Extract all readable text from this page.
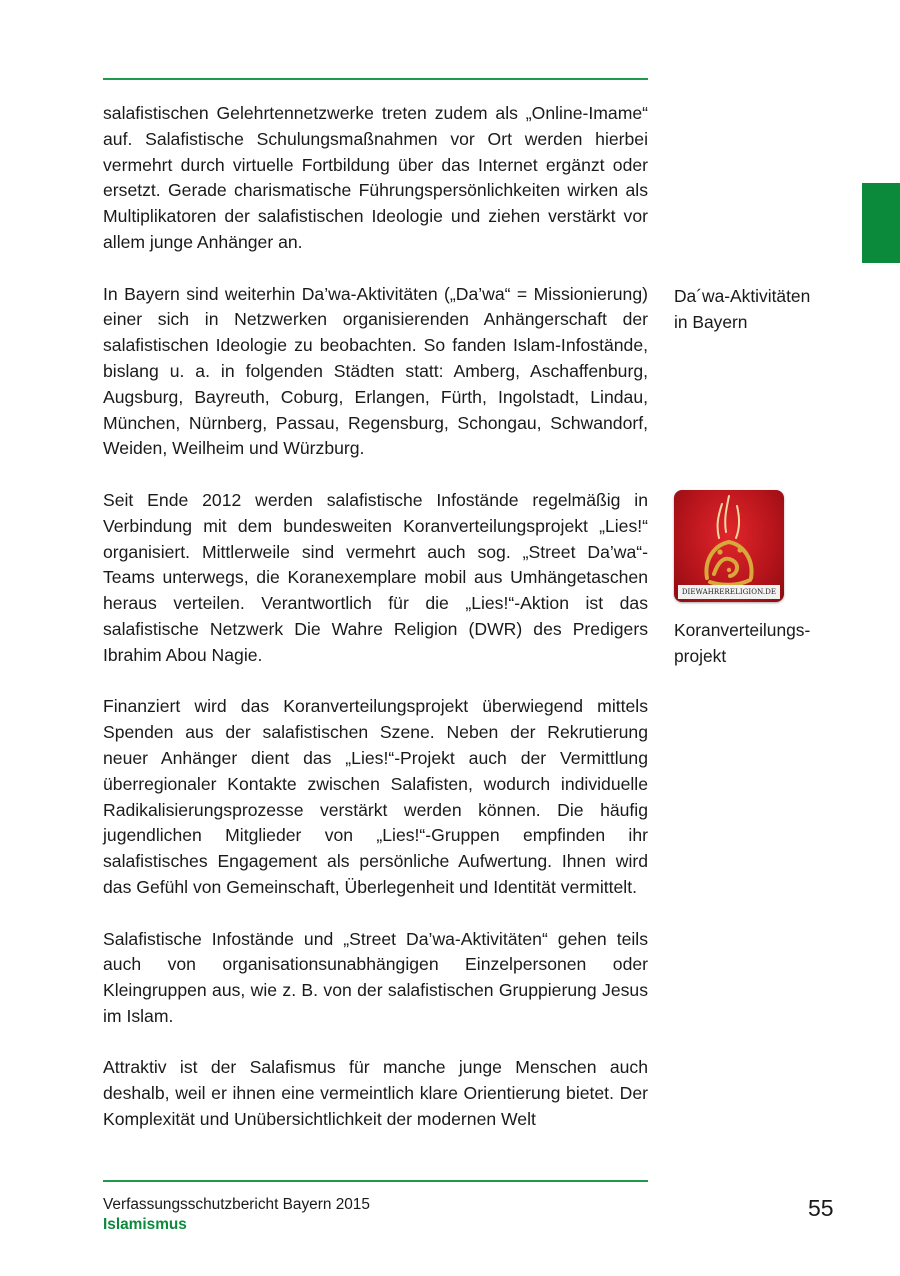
salafistischen Gelehrtennetzwerke treten zudem als „Online-Imame“ auf. Salafistische Schulungsmaßnahmen vor Ort werden hierbei vermehrt durch virtuelle Fortbildung über das Internet ergänzt oder ersetzt. Gerade charismatische Führungspersönlichkeiten wirken als Multiplikatoren der salafistischen Ideologie und ziehen verstärkt vor allem junge Anhänger an.

In Bayern sind weiterhin Da’wa-Aktivitäten („Da’wa“ = Missionierung) einer sich in Netzwerken organisierenden Anhängerschaft der salafistischen Ideologie zu beobachten. So fanden Islam-Infostände, bislang u. a. in folgenden Städten statt: Amberg, Aschaffenburg, Augsburg, Bayreuth, Coburg, Erlangen, Fürth, Ingolstadt, Lindau, München, Nürnberg, Passau, Regensburg, Schongau, Schwandorf, Weiden, Weilheim und Würzburg.

Seit Ende 2012 werden salafistische Infostände regelmäßig in Verbindung mit dem bundesweiten Koranverteilungsprojekt „Lies!“ organisiert. Mittlerweile sind vermehrt auch sog. „Street Da’wa“-Teams unterwegs, die Koranexemplare mobil aus Umhängetaschen heraus verteilen. Verantwortlich für die „Lies!“-Aktion ist das salafistische Netzwerk Die Wahre Religion (DWR) des Predigers Ibrahim Abou Nagie.

Finanziert wird das Koranverteilungsprojekt überwiegend mittels Spenden aus der salafistischen Szene. Neben der Rekrutierung neuer Anhänger dient das „Lies!“-Projekt auch der Vermittlung überregionaler Kontakte zwischen Salafisten, wodurch individuelle Radikalisierungsprozesse verstärkt werden können. Die häufig jugendlichen Mitglieder von „Lies!“-Gruppen empfinden ihr salafistisches Engagement als persönliche Aufwertung. Ihnen wird das Gefühl von Gemeinschaft, Überlegenheit und Identität vermittelt.

Salafistische Infostände und „Street Da’wa-Aktivitäten“ gehen teils auch von organisationsunabhängigen Einzelpersonen oder Kleingruppen aus, wie z. B. von der salafistischen Gruppierung Jesus im Islam.

Attraktiv ist der Salafismus für manche junge Menschen auch deshalb, weil er ihnen eine vermeintlich klare Orientierung bietet. Der Komplexität und Unübersichtlichkeit der modernen Welt

Da´wa-Aktivitäten
in Bayern
DIEWAHRERELIGION.DE
Koranverteilungs-
projekt
Verfassungsschutzbericht Bayern 2015
Islamismus
55
